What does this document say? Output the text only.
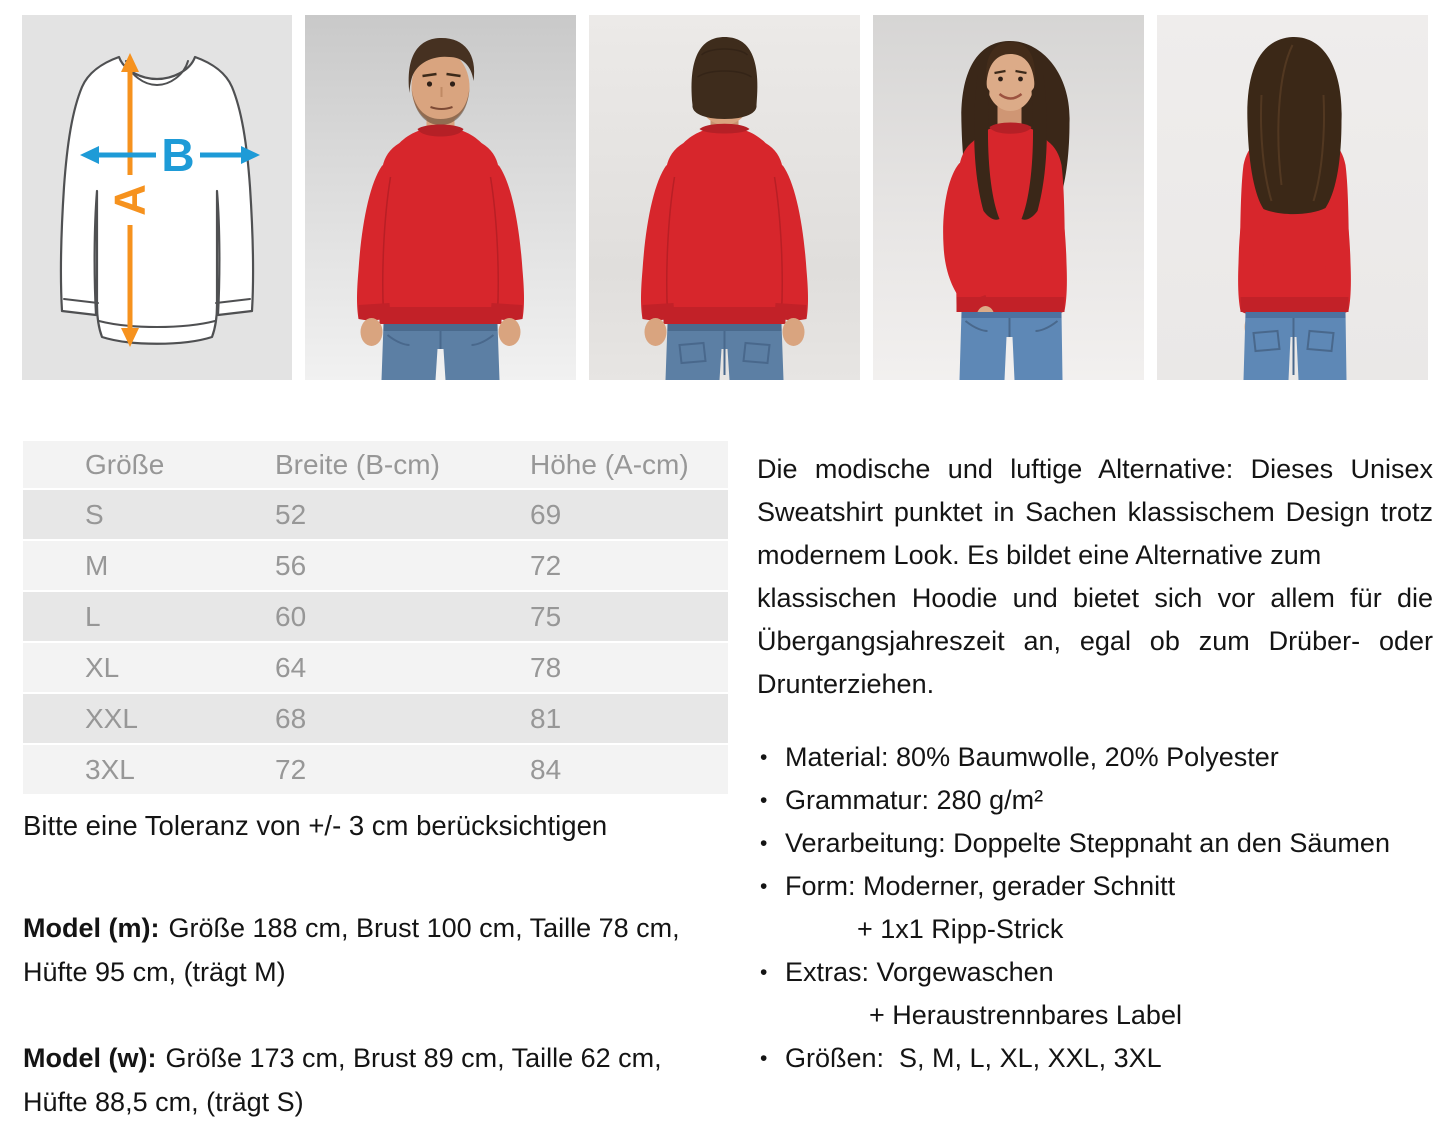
A
B
Größe	Breite (B-cm)	Höhe (A-cm)
S	52	69
M	56	72
L	60	75
XL	64	78
XXL	68	81
3XL	72	84
Bitte eine Toleranz von +/- 3 cm berücksichtigen
Model (m): Größe 188 cm, Brust 100 cm, Taille 78 cm, Hüfte 95 cm, (trägt M)
Model (w): Größe 173 cm, Brust 89 cm, Taille 62 cm, Hüfte 88,5 cm, (trägt S)

Die modische und luftige Alternative: Dieses Unisex Sweatshirt punktet in Sachen klassischem Design trotz modernem Look. Es bildet eine Alternative zum

klassischen Hoodie und bietet sich vor allem für die Übergangsjahreszeit an, egal ob zum Drüber- oder Drunterziehen.

• Material: 80% Baumwolle, 20% Polyester
• Grammatur: 280 g/m²
• Verarbeitung: Doppelte Steppnaht an den Säumen
• Form: Moderner, gerader Schnitt
+ 1x1 Ripp-Strick
• Extras: Vorgewaschen
+ Heraustrennbares Label
• Größen:  S, M, L, XL, XXL, 3XL
